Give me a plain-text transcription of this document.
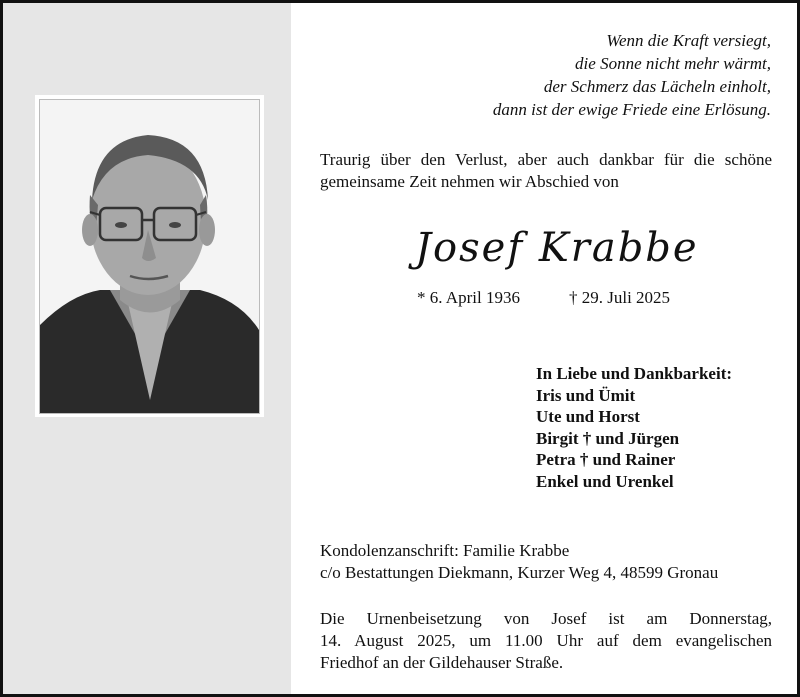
Wenn die Kraft versiegt,
die Sonne nicht mehr wärmt,
der Schmerz das Lächeln einholt,
dann ist der ewige Friede eine Erlösung.
Traurig über den Verlust, aber auch dankbar für die schöne
gemeinsame Zeit nehmen wir Abschied von
Josef Krabbe
* 6. April 1936	† 29. Juli 2025
In Liebe und Dankbarkeit:
Iris und Ümit
Ute und Horst
Birgit † und Jürgen
Petra † und Rainer
Enkel und Urenkel
Kondolenzanschrift: Familie Krabbe
c/o Bestattungen Diekmann, Kurzer Weg 4, 48599 Gronau
Die Urnenbeisetzung von Josef ist am Donnerstag,
14. August 2025, um 11.00 Uhr auf dem evangelischen
Friedhof an der Gildehauser Straße.
